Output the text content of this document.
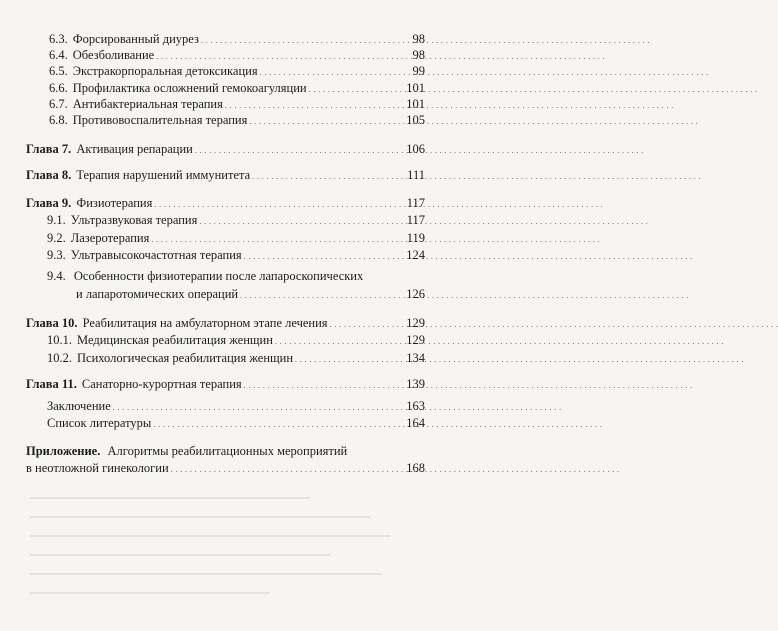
6.3. Форсированный диурез . . .	98
6.4. Обезболивание . . .	98
6.5. Экстракорпоральная детоксикация . . .	99
6.6. Профилактика осложнений гемокоагуляции . . .	101
6.7. Антибактериальная терапия . . .	101
6.8. Противовоспалительная терапия . . .	105
Глава 7. Активация репарации . . .	106
Глава 8. Терапия нарушений иммунитета . . .	111
Глава 9. Физиотерапия . . .	117
9.1. Ультразвуковая терапия . . .	117
9.2. Лазеротерапия . . .	119
9.3. Ультравысокочастотная терапия . . .	124
9.4. Особенности физиотерапии после лапароскопических
и лапаротомических операций . . .	126
Глава 10. Реабилитация на амбулаторном этапе лечения . . .	129
10.1. Медицинская реабилитация женщин . . .	129
10.2. Психологическая реабилитация женщин . . .	134
Глава 11. Санаторно-курортная терапия . . .	139
Заключение . . .	163
Список литературы . . .	164
Приложение. Алгоритмы реабилитационных мероприятий
в неотложной гинекологии . . .	168
